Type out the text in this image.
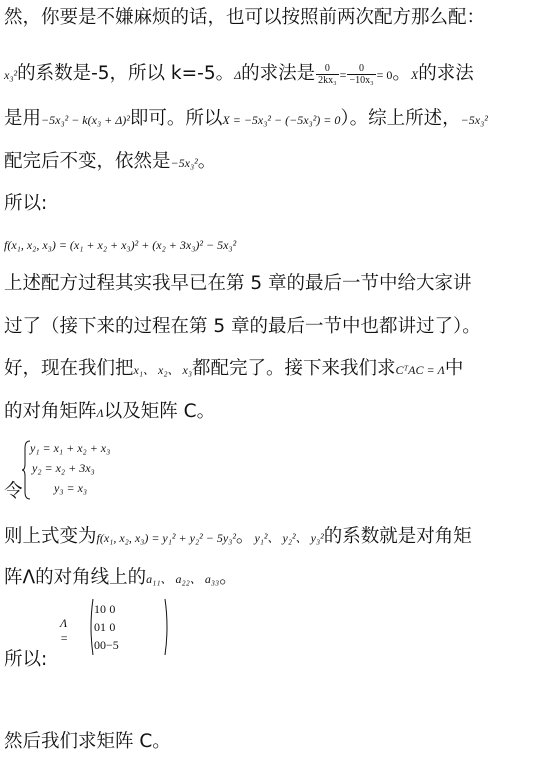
然，你要是不嫌麻烦的话，也可以按照前两次配方那么配：
x₃²的系数是-5，所以 k=-5。Δ的求法是 $\frac{0}{\text{2kx₃}} = \frac{0}{\text{−10x₃}} = 0$。X的求法
是用−5x₃² − k(x₃ + Δ)²即可。所以X = −5x₃² − (−5x₃²) = 0）。综上所述，−5x₃²
配完后不变，依然是−5x₃²。
所以:
f(x₁, x₂, x₃) = (x₁ + x₂ + x₃)² + (x₂ + 3x₃)² − 5x₃²
上述配方过程其实我早已在第 5 章的最后一节中给大家讲
过了（接下来的过程在第 5 章的最后一节中也都讲过了）。
好，现在我们把x₁、 x₂、 x₃都配完了。接下来我们求CᵀAC = Λ中
的对角矩阵Λ以及矩阵 C。
y₁ = x₁ + x₂ + x₃
y₂ = x₂ + 3x₃
y₃ = x₃
令
则上式变为f(x₁, x₂, x₃) = y₁² + y₂² − 5y₃²。y₁²、 y₂²、 y₃²的系数就是对角矩
阵Λ的对角线上的a₁₁、 a₂₂、 a₃₃。
Λ =
1	0	0
0	1	0
0	0	−5
所以:
然后我们求矩阵 C。
